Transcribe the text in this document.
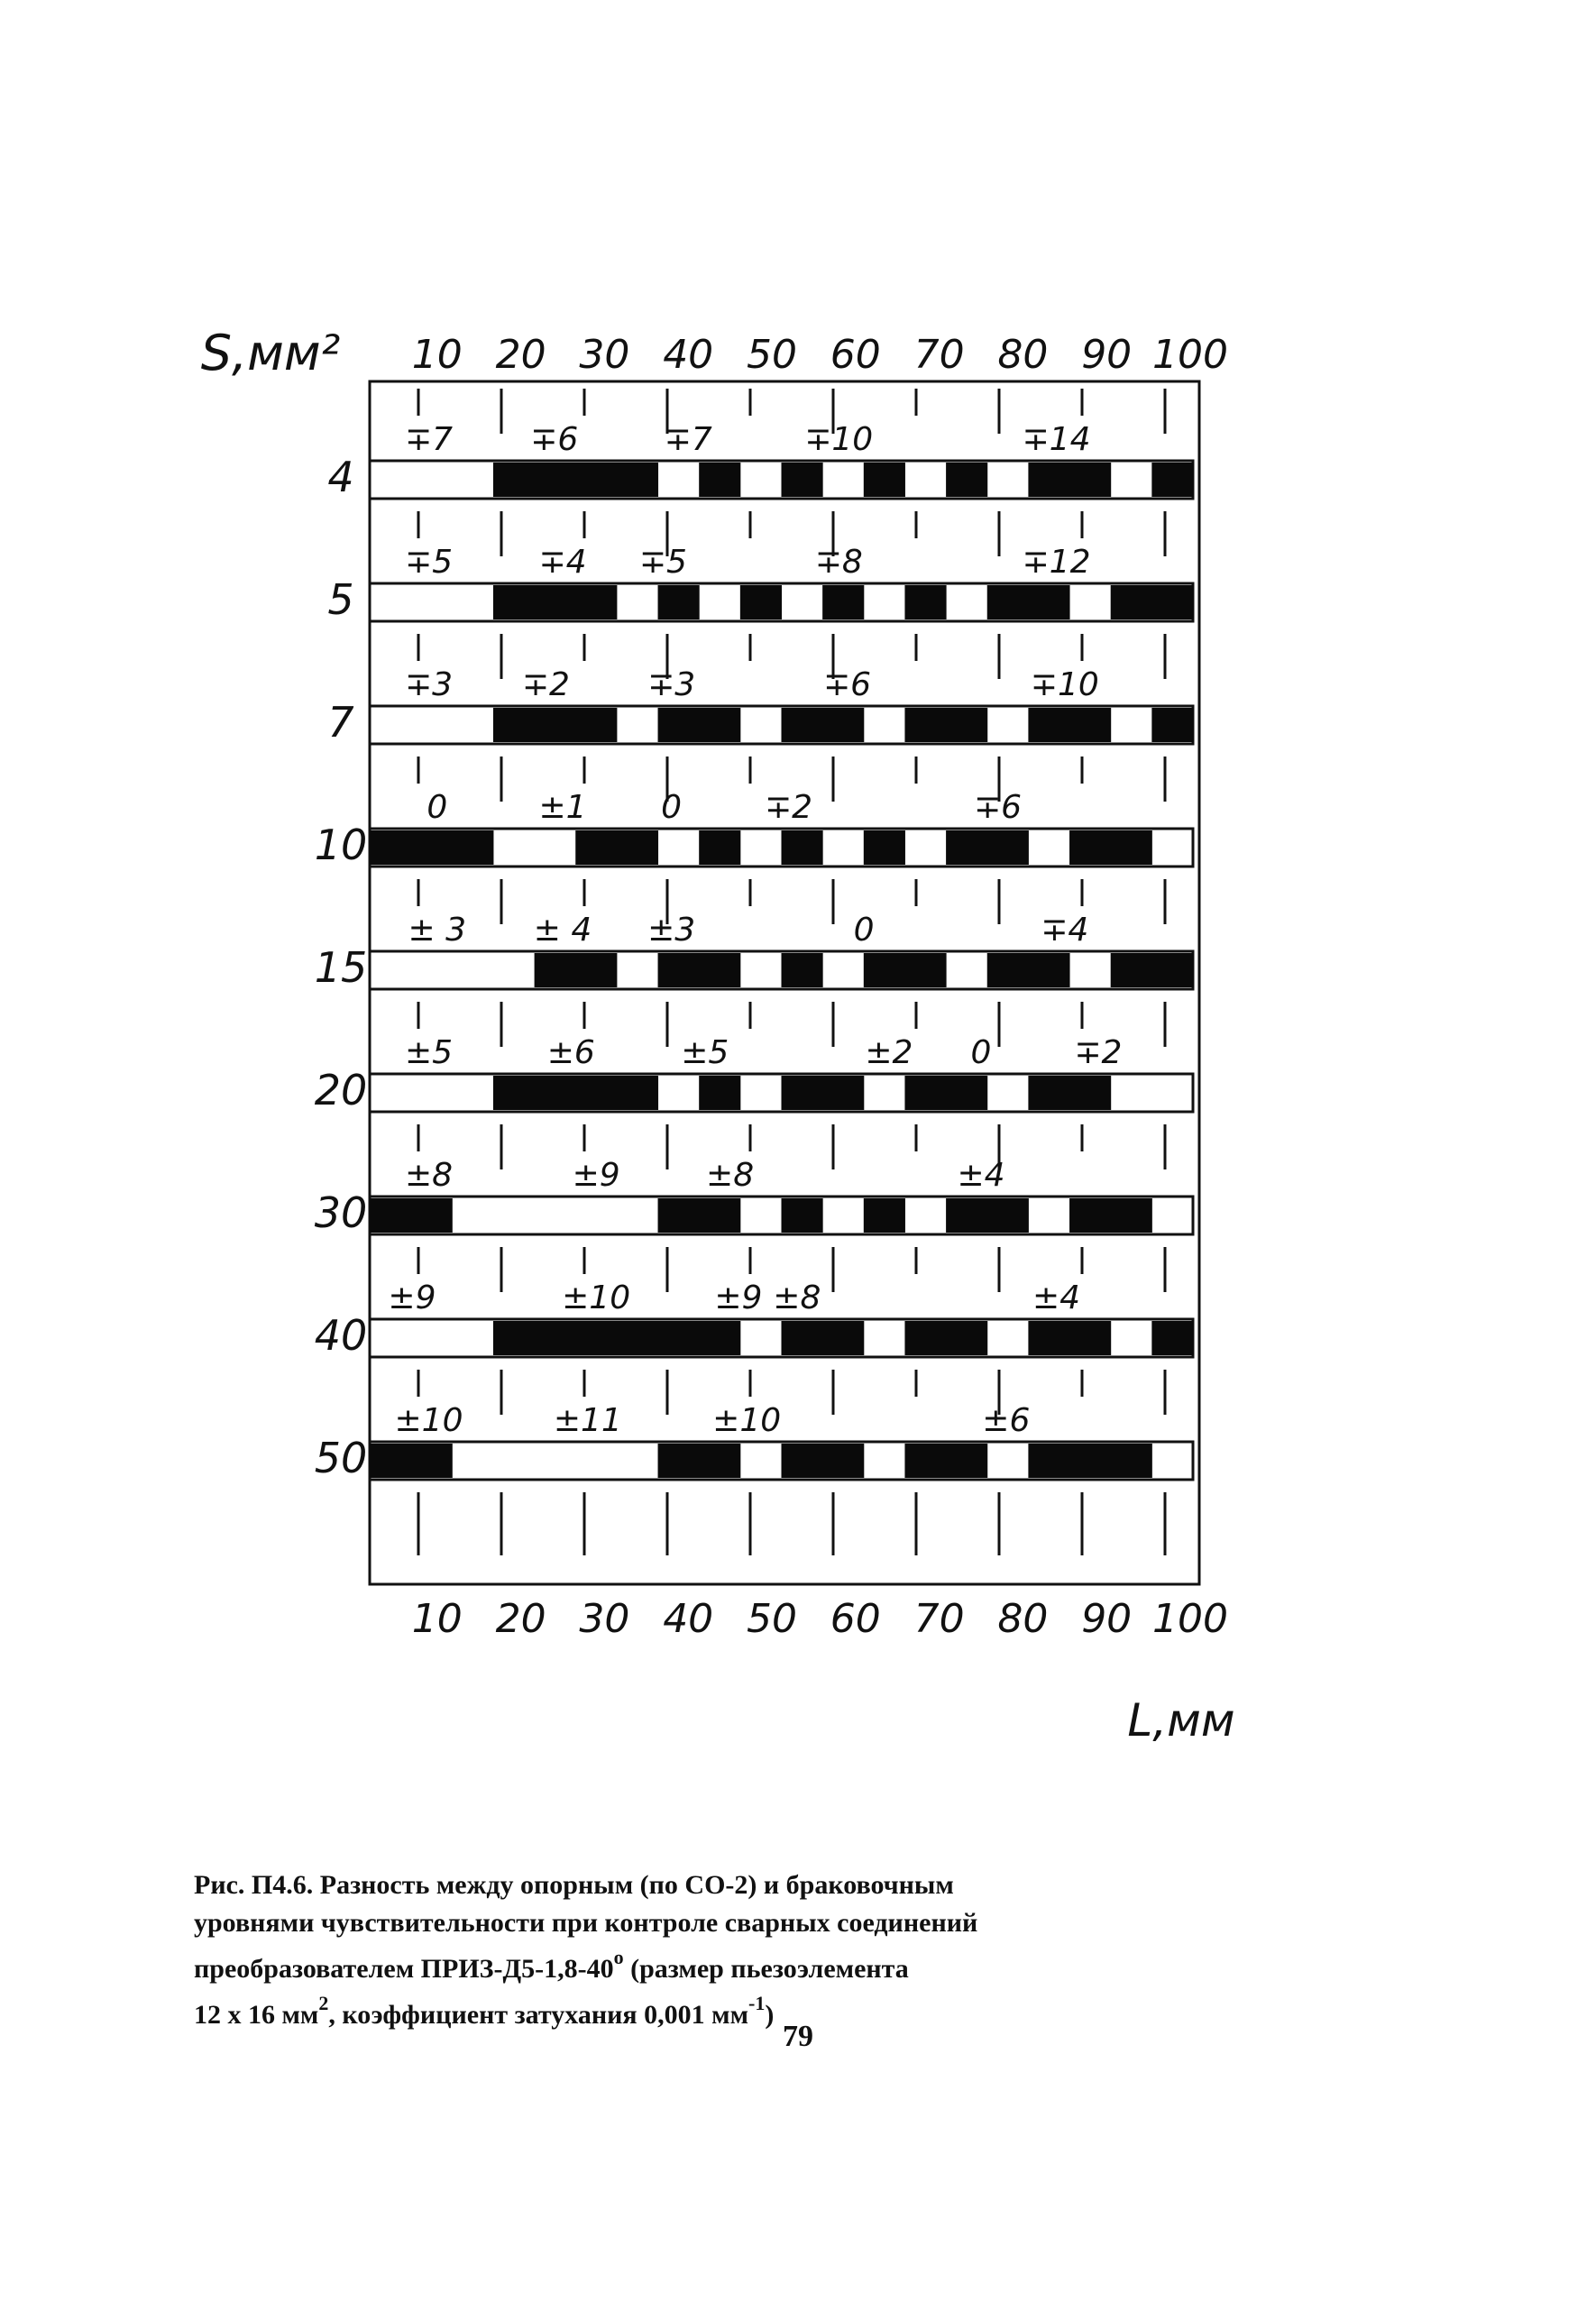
S,мм²
L,мм
10
10
20
20
30
30
40
40
50
50
60
60
70
70
80
80
90
90
100
100
4
5
7
10
15
20
30
40
50
∓7 ∓6	∓7	∓10	∓14
∓5	∓4 ∓5	∓8	∓12
∓3 ∓2 ∓3	∓6	∓10
0	±1 0	∓2	∓6
± 3 ± 4 ±3	0	∓4
±5	±6	±5	±2 0	∓2
±8	±9	±8	±4
±9	±10	±9 ±8	±4
±10	±11	±10	±6
Рис. П4.6. Разность между опорным (по СО-2) и браковочным
уровнями чувствительности при контроле сварных соединений
преобразователем ПРИЗ-$Д5-1,8-40^о$ (размер пьезоэлемента
12 x 16 $мм^2$, коэффициент затухания 0,001 $мм^{-1}$)
79
